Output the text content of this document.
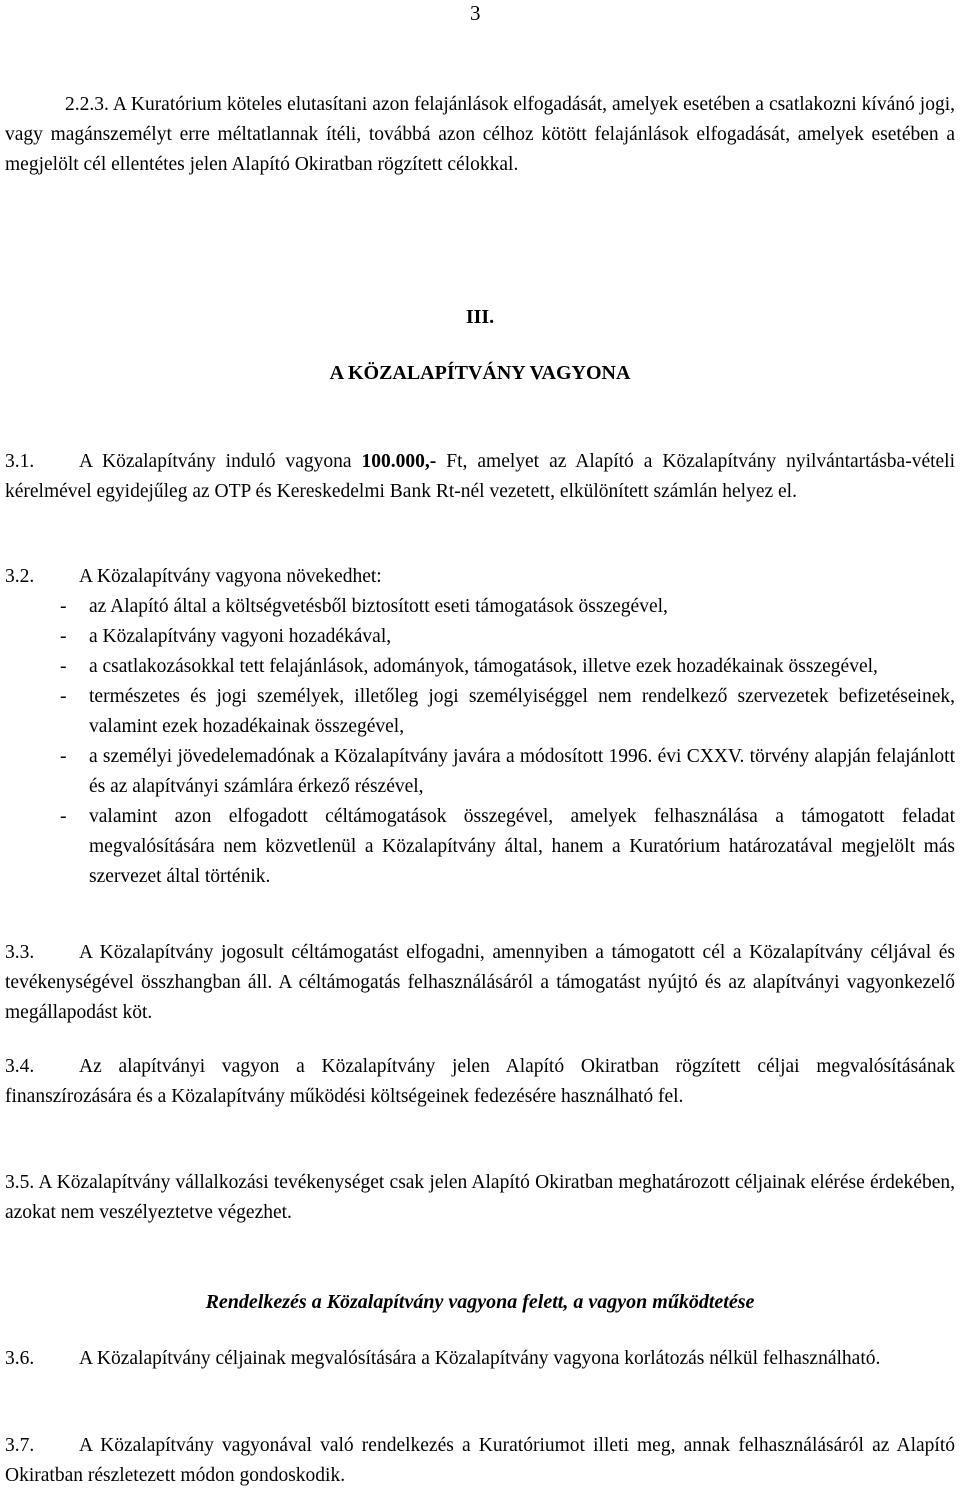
3

2.2.3. A Kuratórium köteles elutasítani azon felajánlások elfogadását, amelyek esetében a csatlakozni kívánó jogi, vagy magánszemélyt erre méltatlannak ítéli, továbbá azon célhoz kötött felajánlások elfogadását, amelyek esetében a megjelölt cél ellentétes jelen Alapító Okiratban rögzített célokkal.

III.
A KÖZALAPÍTVÁNY VAGYONA

3.1. A Közalapítvány induló vagyona 100.000,- Ft, amelyet az Alapító a Közalapítvány nyilvántartásba-vételi kérelmével egyidejűleg az OTP és Kereskedelmi Bank Rt-nél vezetett, elkülönített számlán helyez el.

3.2. A Közalapítvány vagyona növekedhet:
- az Alapító által a költségvetésből biztosított eseti támogatások összegével,
- a Közalapítvány vagyoni hozadékával,
- a csatlakozásokkal tett felajánlások, adományok, támogatások, illetve ezek hozadékainak összegével,
- természetes és jogi személyek, illetőleg jogi személyiséggel nem rendelkező szervezetek befizetéseinek, valamint ezek hozadékainak összegével,
- a személyi jövedelemadónak a Közalapítvány javára a módosított 1996. évi CXXV. törvény alapján felajánlott és az alapítványi számlára érkező részével,
- valamint azon elfogadott céltámogatások összegével, amelyek felhasználása a támogatott feladat megvalósítására nem közvetlenül a Közalapítvány által, hanem a Kuratórium határozatával megjelölt más szervezet által történik.

3.3. A Közalapítvány jogosult céltámogatást elfogadni, amennyiben a támogatott cél a Közalapítvány céljával és tevékenységével összhangban áll. A céltámogatás felhasználásáról a támogatást nyújtó és az alapítványi vagyonkezelő megállapodást köt.

3.4. Az alapítványi vagyon a Közalapítvány jelen Alapító Okiratban rögzített céljai megvalósításának finanszírozására és a Közalapítvány működési költségeinek fedezésére használható fel.

3.5. A Közalapítvány vállalkozási tevékenységet csak jelen Alapító Okiratban meghatározott céljainak elérése érdekében, azokat nem veszélyeztetve végezhet.

Rendelkezés a Közalapítvány vagyona felett, a vagyon működtetése

3.6. A Közalapítvány céljainak megvalósítására a Közalapítvány vagyona korlátozás nélkül felhasználható.

3.7. A Közalapítvány vagyonával való rendelkezés a Kuratóriumot illeti meg, annak felhasználásáról az Alapító Okiratban részletezett módon gondoskodik.
